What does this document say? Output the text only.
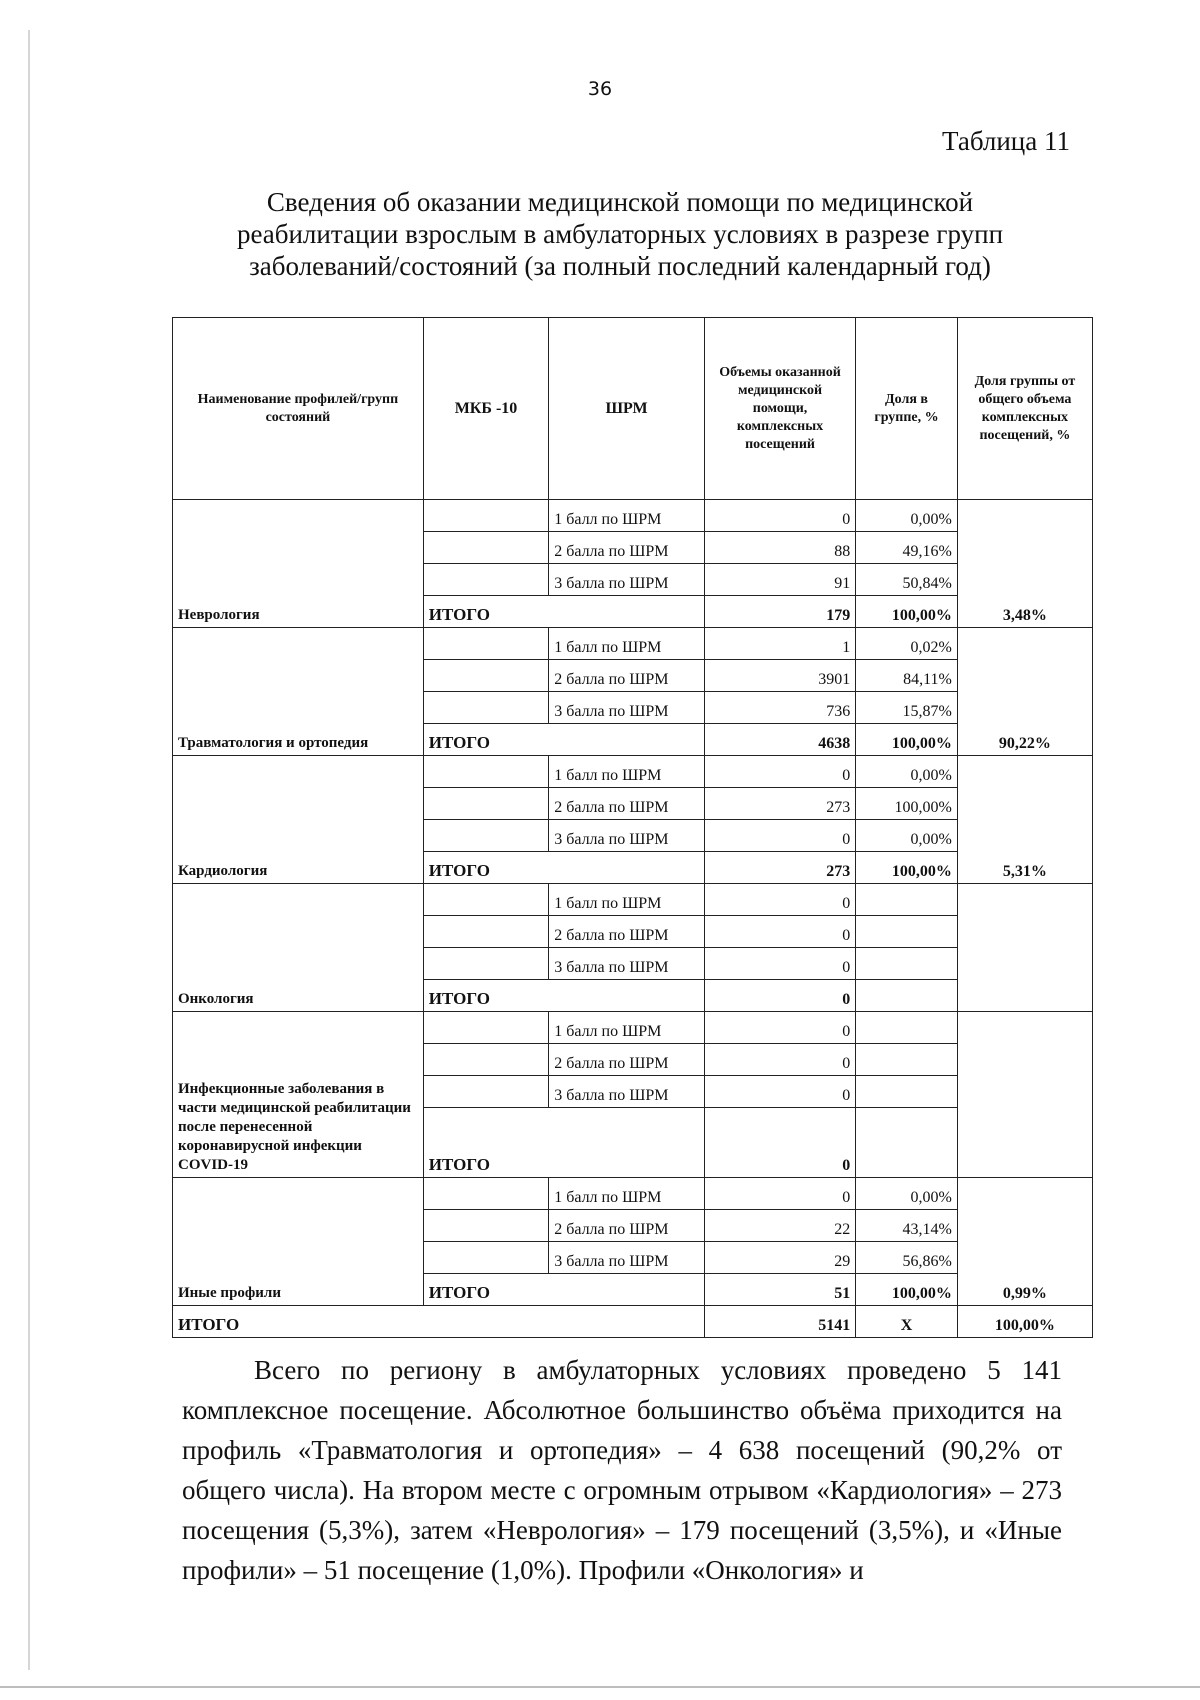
36
Таблица 11
Сведения об оказании медицинской помощи по медицинской реабилитации взрослым в амбулаторных условиях в разрезе групп заболеваний/состояний (за полный последний календарный год)
Наименование профилей/групп состояний	МКБ -10	ШРМ	Объемы оказанной медицинской помощи, комплексных посещений	Доля в группе, %	Доля группы от общего объема комплексных посещений, %
Неврология		1 балл по ШРМ	0	0,00%	3,48%
		2 балла по ШРМ	88	49,16%	
		3 балла по ШРМ	91	50,84%	
	ИТОГО		179	100,00%	
Травматология и ортопедия		1 балл по ШРМ	1	0,02%	90,22%
		2 балла по ШРМ	3901	84,11%	
		3 балла по ШРМ	736	15,87%	
	ИТОГО		4638	100,00%	
Кардиология		1 балл по ШРМ	0	0,00%	5,31%
		2 балла по ШРМ	273	100,00%	
		3 балла по ШРМ	0	0,00%	
	ИТОГО		273	100,00%	
Онкология		1 балл по ШРМ	0		
		2 балла по ШРМ	0		
		3 балла по ШРМ	0		
	ИТОГО		0		
Инфекционные заболевания в части медицинской реабилитации после перенесенной коронавирусной инфекции COVID-19		1 балл по ШРМ	0		
		2 балла по ШРМ	0		
		3 балла по ШРМ	0		
	ИТОГО		0		
Иные профили		1 балл по ШРМ	0	0,00%	0,99%
		2 балла по ШРМ	22	43,14%	
		3 балла по ШРМ	29	56,86%	
	ИТОГО		51	100,00%	
ИТОГО			5141	Х	100,00%

Всего по региону в амбулаторных условиях проведено 5 141 комплексное посещение. Абсолютное большинство объёма приходится на профиль «Травматология и ортопедия» – 4 638 посещений (90,2% от общего числа). На втором месте с огромным отрывом «Кардиология» – 273 посещения (5,3%), затем «Неврология» – 179 посещений (3,5%), и «Иные профили» – 51 посещение (1,0%). Профили «Онкология» и
